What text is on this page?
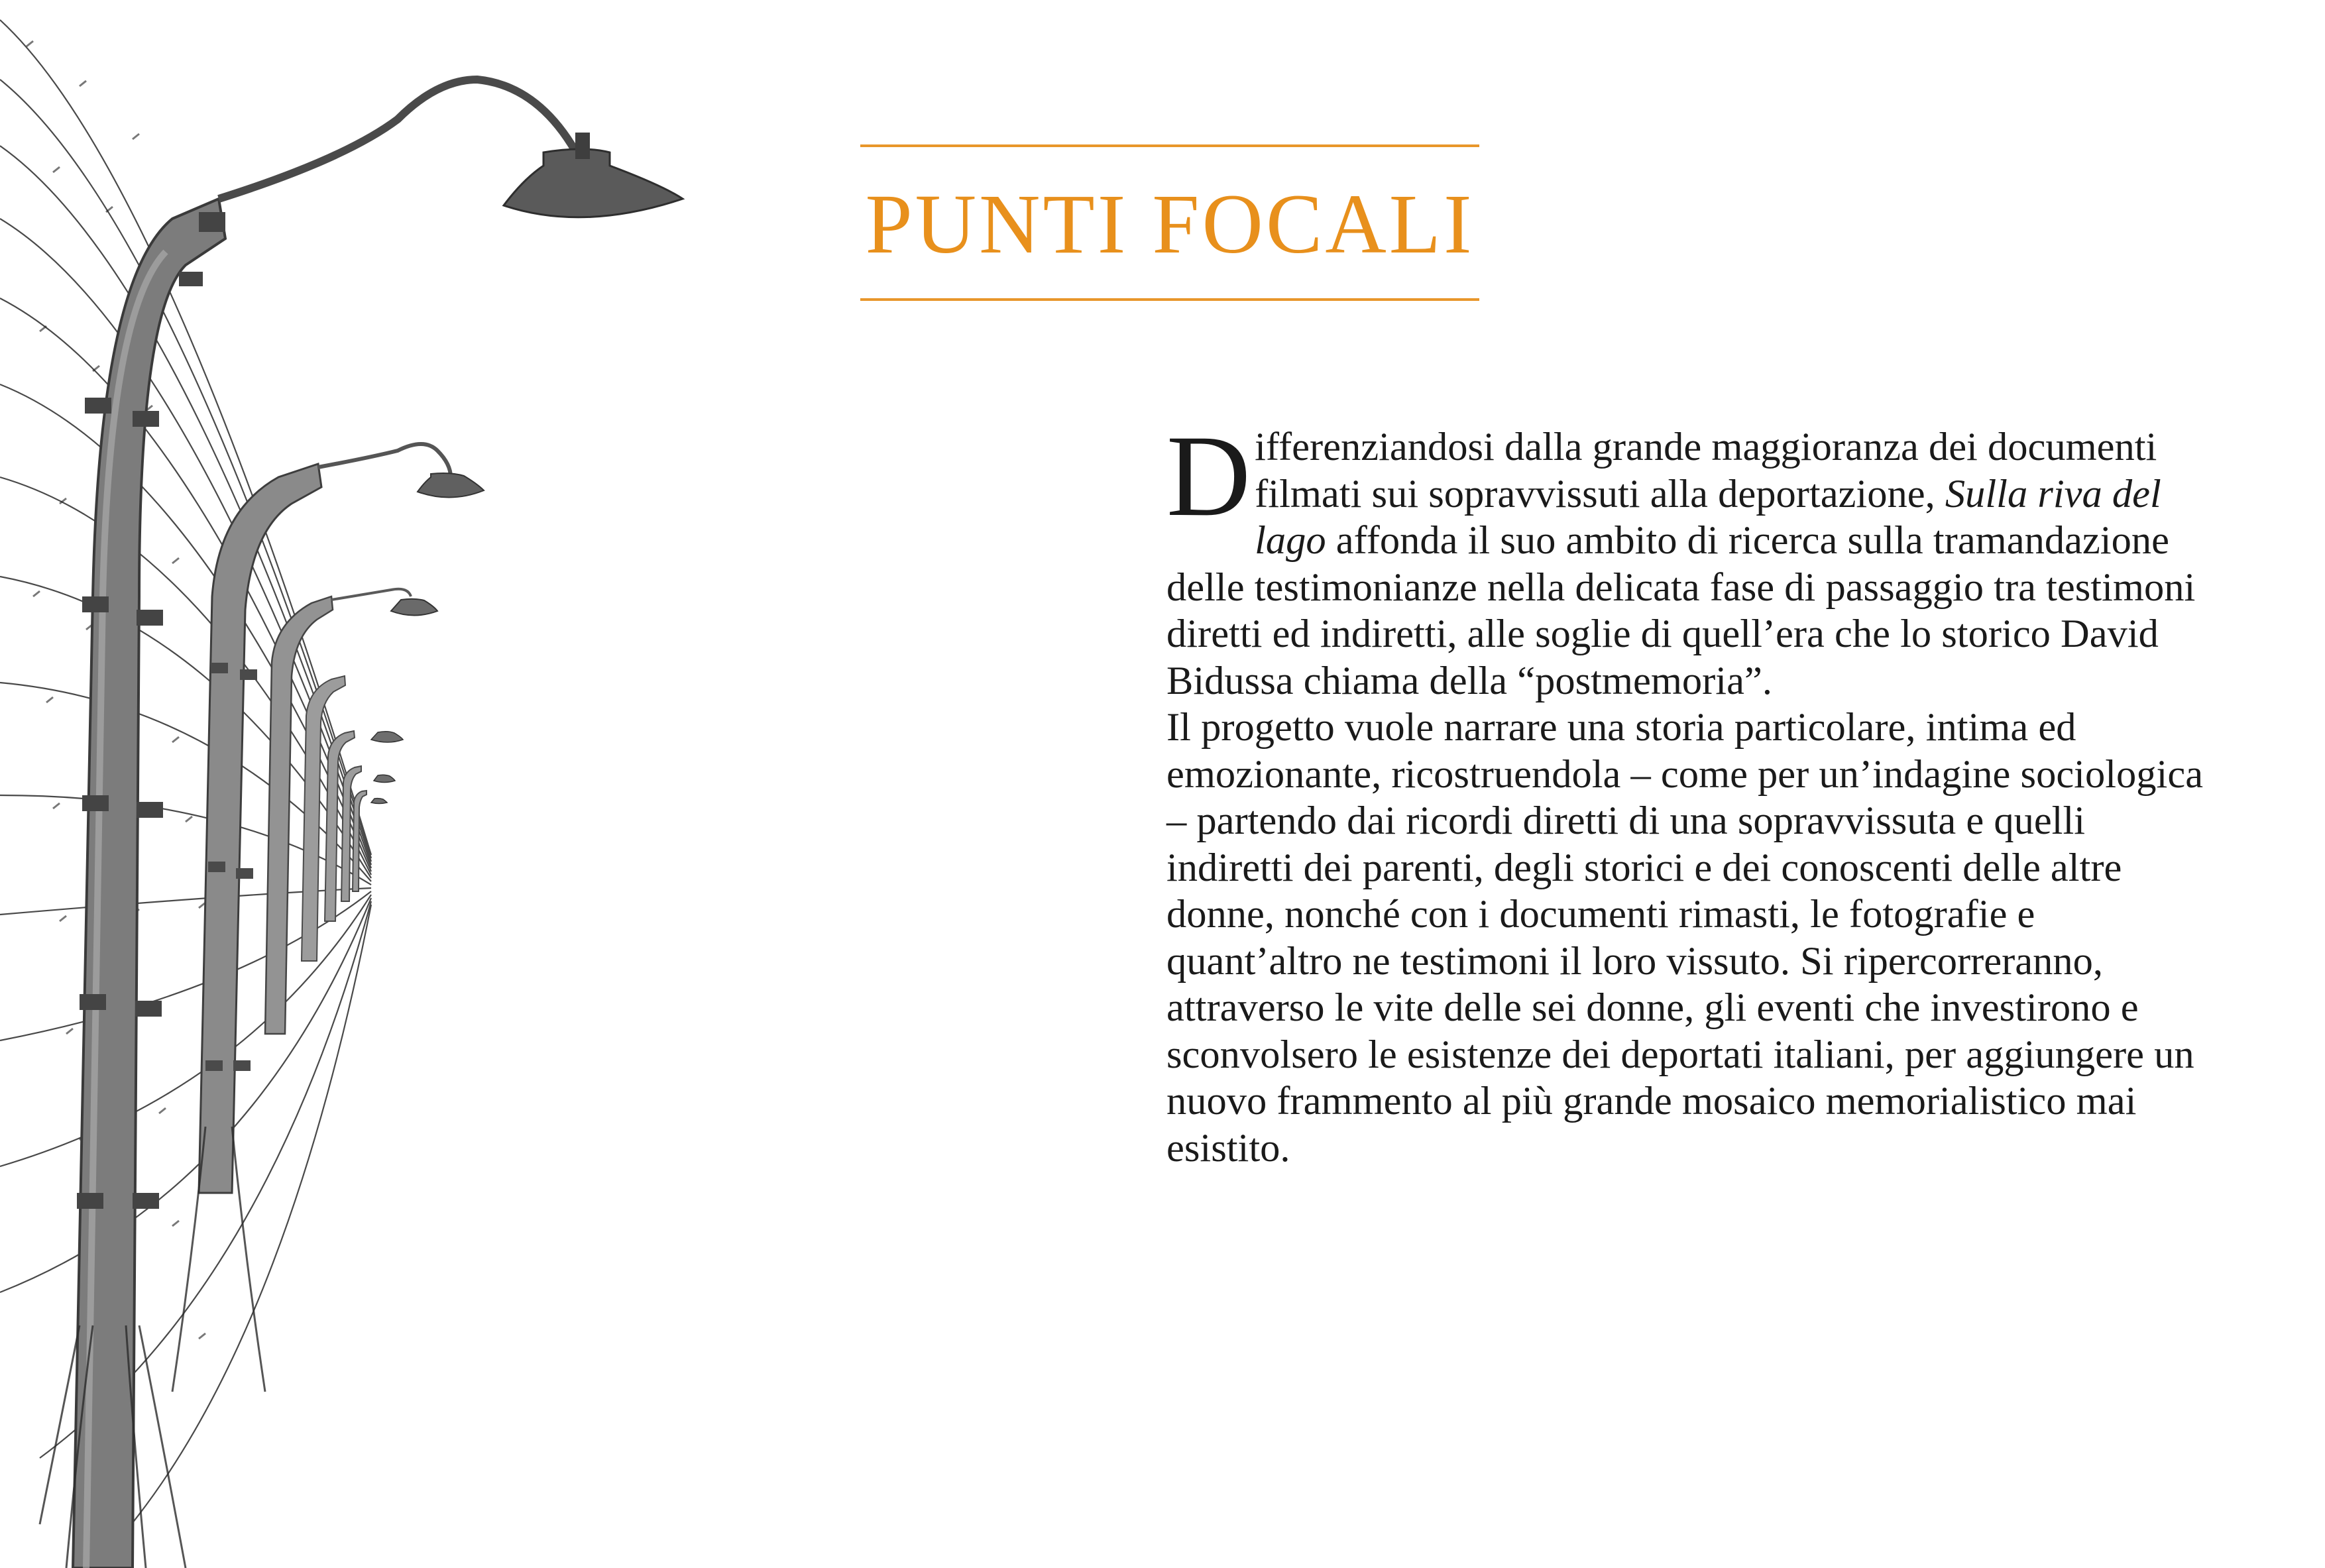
PUNTI FOCALI

Differenziandosi dalla grande maggioranza dei documenti filmati sui sopravvissuti alla deportazione, Sulla riva del lago affonda il suo ambito di ricerca sulla tramandazione delle testimonianze nella delicata fase di passaggio tra testimoni diretti ed indiretti, alle soglie di quell’era che lo storico David Bidussa chiama della “postmemoria”.

Il progetto vuole narrare una storia particolare, intima ed emozionante, ricostruendola – come per un’indagine sociologica – partendo dai ricordi diretti di una sopravvissuta e quelli indiretti dei parenti, degli storici e dei conoscenti delle altre donne, nonché con i documenti rimasti, le fotografie e quant’altro ne testimoni il loro vissuto. Si ripercorreranno, attraverso le vite delle sei donne, gli eventi che investirono e sconvolsero le esistenze dei deportati italiani, per aggiungere un nuovo frammento al più grande mosaico memorialistico mai esistito.
